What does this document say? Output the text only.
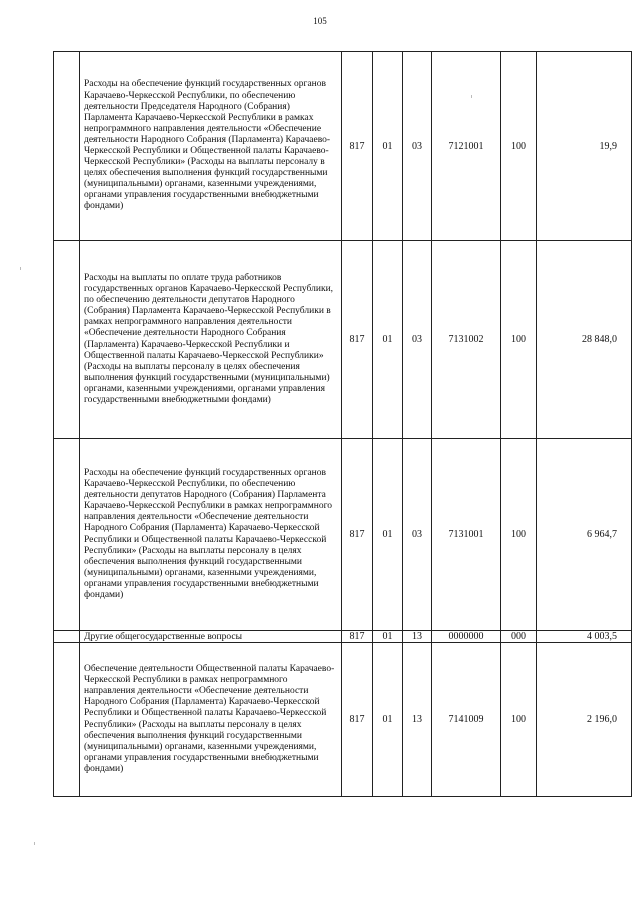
105
	Расходы на обеспечение функций государственных органов Карачаево-Черкесской Республики, по обеспечению деятельности Председателя Народного (Собрания) Парламента Карачаево-Черкесской Республики в рамках непрограммного направления деятельности «Обеспечение деятельности Народного Собрания (Парламента) Карачаево-Черкесской Республики и Общественной палаты Карачаево-Черкесской Республики» (Расходы на выплаты персоналу в целях обеспечения выполнения функций государственными (муниципальными) органами, казенными учреждениями, органами управления государственными внебюджетными фондами)	817	01	03	7121001	100	19,9
	Расходы на выплаты по оплате труда работников государственных органов Карачаево-Черкесской Республики, по обеспечению деятельности депутатов Народного (Собрания) Парламента Карачаево-Черкесской Республики в рамках непрограммного направления деятельности «Обеспечение деятельности Народного Собрания (Парламента) Карачаево-Черкесской Республики и Общественной палаты Карачаево-Черкесской Республики» (Расходы на выплаты персоналу в целях обеспечения выполнения функций государственными (муниципальными) органами, казенными учреждениями, органами управления государственными внебюджетными фондами)	817	01	03	7131002	100	28 848,0
	Расходы на обеспечение функций государственных органов Карачаево-Черкесской Республики, по обеспечению деятельности депутатов Народного (Собрания) Парламента Карачаево-Черкесской Республики в рамках непрограммного направления деятельности «Обеспечение деятельности Народного Собрания (Парламента) Карачаево-Черкесской Республики и Общественной палаты Карачаево-Черкесской Республики» (Расходы на выплаты персоналу в целях обеспечения выполнения функций государственными (муниципальными) органами, казенными учреждениями, органами управления государственными внебюджетными фондами)	817	01	03	7131001	100	6 964,7
	Другие общегосударственные вопросы	817	01	13	0000000	000	4 003,5
	Обеспечение деятельности Общественной палаты Карачаево-Черкесской Республики в рамках непрограммного направления деятельности «Обеспечение деятельности Народного Собрания (Парламента) Карачаево-Черкесской Республики и Общественной палаты Карачаево-Черкесской Республики» (Расходы на выплаты персоналу в целях обеспечения выполнения функций государственными (муниципальными) органами, казенными учреждениями, органами управления государственными внебюджетными фондами)	817	01	13	7141009	100	2 196,0
